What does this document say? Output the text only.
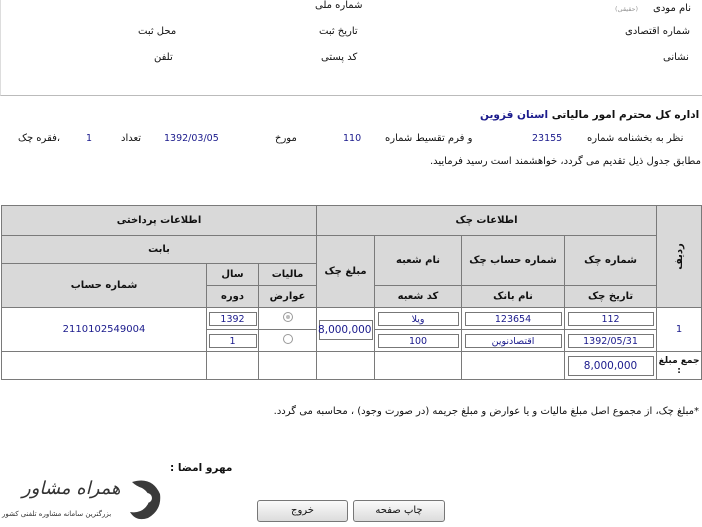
(حقیقی) نام مودی
شماره ملی
شماره اقتصادی
تاریخ ثبت
محل ثبت
نشانی
کد پستی
تلفن
اداره کل محترم امور مالیاتی استان قزوین
نظر به بخشنامه شماره
23155
و فرم تقسیط شماره
110
مورخ
1392/03/05
تعداد
1
فقره چک،
مطابق جدول ذیل تقدیم می گردد، خواهشمند است رسید فرمایید.
ردیف	اطلاعات چک				اطلاعات پرداختی		
	شماره چک	شماره حساب چک	نام شعبه	مبلغ چک	بابت		
					مالیات	سال	شماره حساب
	تاریخ چک	نام بانک	کد شعبه		عوارض	دوره	
1	112	123654	ویلا	8,000,000		1392	2110102549004
	1392/05/31	اقتصادنوین	100			1	
جمع مبلغ :	8,000,000						
*مبلغ چک، از مجموع اصل مبلغ مالیات و یا عوارض و مبلغ جریمه (در صورت وجود) ، محاسبه می گردد.
مهرو امضا :
همراه مشاور
بزرگترین سامانه مشاوره تلفنی کشور	چاپ صفحه
خروج
